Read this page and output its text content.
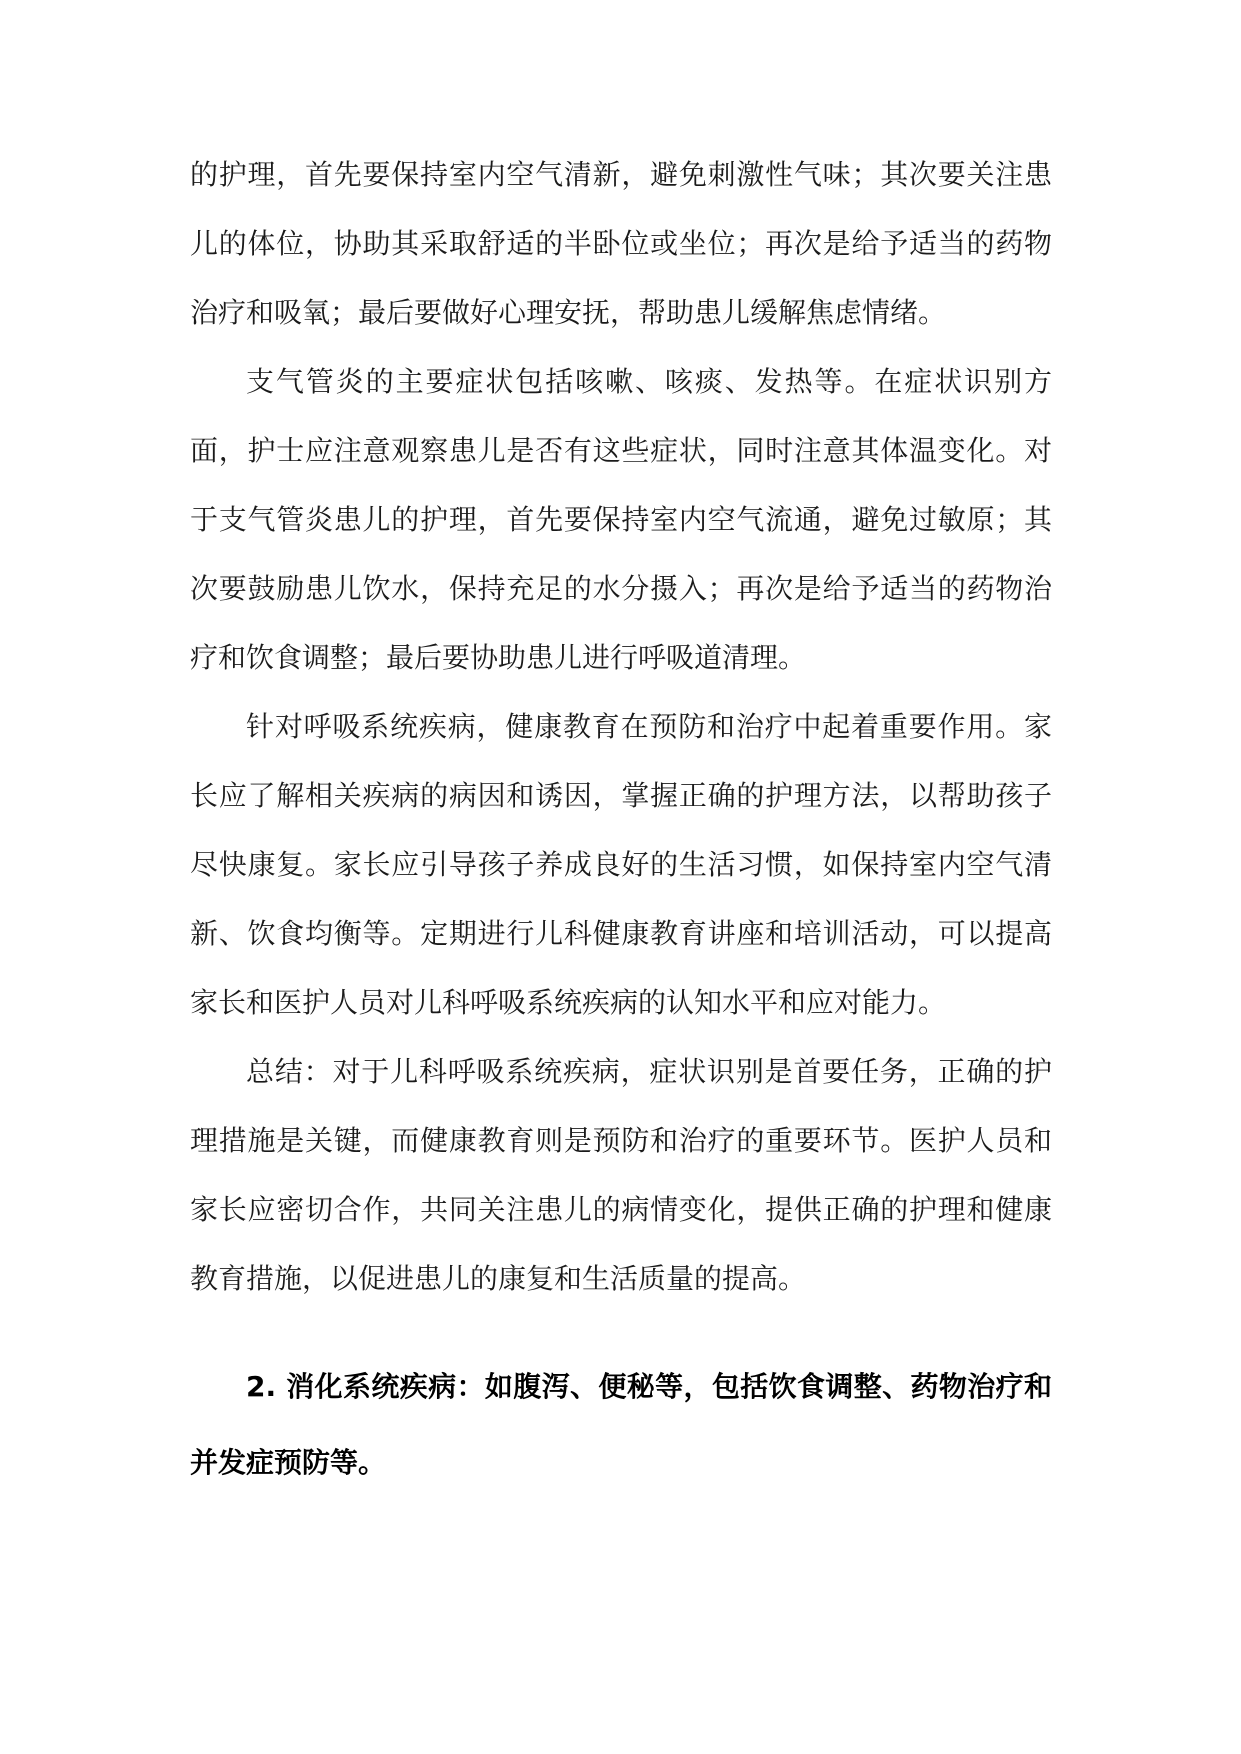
的护理，首先要保持室内空气清新，避免刺激性气味；其次要关注患儿的体位，协助其采取舒适的半卧位或坐位；再次是给予适当的药物治疗和吸氧；最后要做好心理安抚，帮助患儿缓解焦虑情绪。

支气管炎的主要症状包括咳嗽、咳痰、发热等。在症状识别方面，护士应注意观察患儿是否有这些症状，同时注意其体温变化。对于支气管炎患儿的护理，首先要保持室内空气流通，避免过敏原；其次要鼓励患儿饮水，保持充足的水分摄入；再次是给予适当的药物治疗和饮食调整；最后要协助患儿进行呼吸道清理。

针对呼吸系统疾病，健康教育在预防和治疗中起着重要作用。家长应了解相关疾病的病因和诱因，掌握正确的护理方法，以帮助孩子尽快康复。家长应引导孩子养成良好的生活习惯，如保持室内空气清新、饮食均衡等。定期进行儿科健康教育讲座和培训活动，可以提高家长和医护人员对儿科呼吸系统疾病的认知水平和应对能力。

总结：对于儿科呼吸系统疾病，症状识别是首要任务，正确的护理措施是关键，而健康教育则是预防和治疗的重要环节。医护人员和家长应密切合作，共同关注患儿的病情变化，提供正确的护理和健康教育措施，以促进患儿的康复和生活质量的提高。

2. 消化系统疾病：如腹泻、便秘等，包括饮食调整、药物治疗和并发症预防等。
